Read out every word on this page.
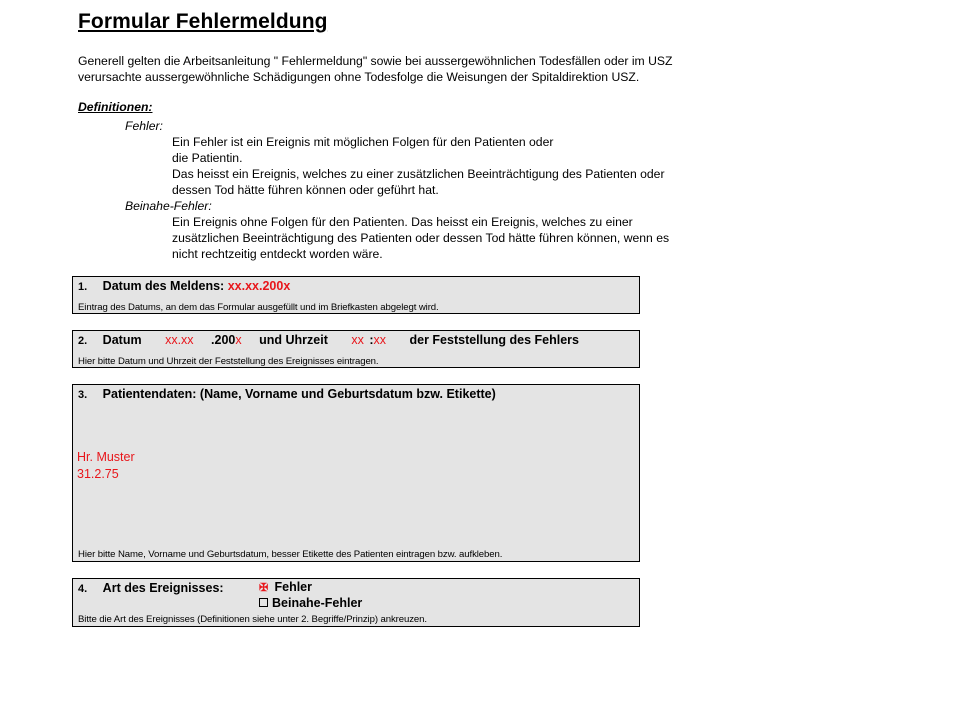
Formular Fehlermeldung
Generell gelten die Arbeitsanleitung " Fehlermeldung" sowie bei aussergewöhnlichen Todesfällen oder im USZ
verursachte aussergewöhnliche Schädigungen ohne Todesfolge die Weisungen der Spitaldirektion USZ.
Definitionen:
Fehler:
Ein Fehler ist ein Ereignis mit möglichen Folgen für den Patienten oder
die Patientin.
Das heisst ein Ereignis, welches zu einer zusätzlichen Beeinträchtigung des Patienten oder
dessen Tod hätte führen können oder geführt hat.
Beinahe-Fehler:
Ein Ereignis ohne Folgen für den Patienten. Das heisst ein Ereignis, welches zu einer
zusätzlichen Beeinträchtigung des Patienten oder dessen Tod hätte führen können, wenn es
nicht rechtzeitig entdeckt worden wäre.
1. Datum des Meldens: xx.xx.200x
Eintrag des Datums, an dem das Formular ausgefüllt und im Briefkasten abgelegt wird.
2. Datum xx.xx .200x und Uhrzeit xx :xx der Feststellung des Fehlers
Hier bitte Datum und Uhrzeit der Feststellung des Ereignisses eintragen.
3. Patientendaten: (Name, Vorname und Geburtsdatum bzw. Etikette)
Hr. Muster
31.2.75
Hier bitte Name, Vorname und Geburtsdatum, besser Etikette des Patienten eintragen bzw. aufkleben.
4. Art des Ereignisses:	✠ Fehler
Beinahe-Fehler
Bitte die Art des Ereignisses (Definitionen siehe unter 2. Begriffe/Prinzip) ankreuzen.
